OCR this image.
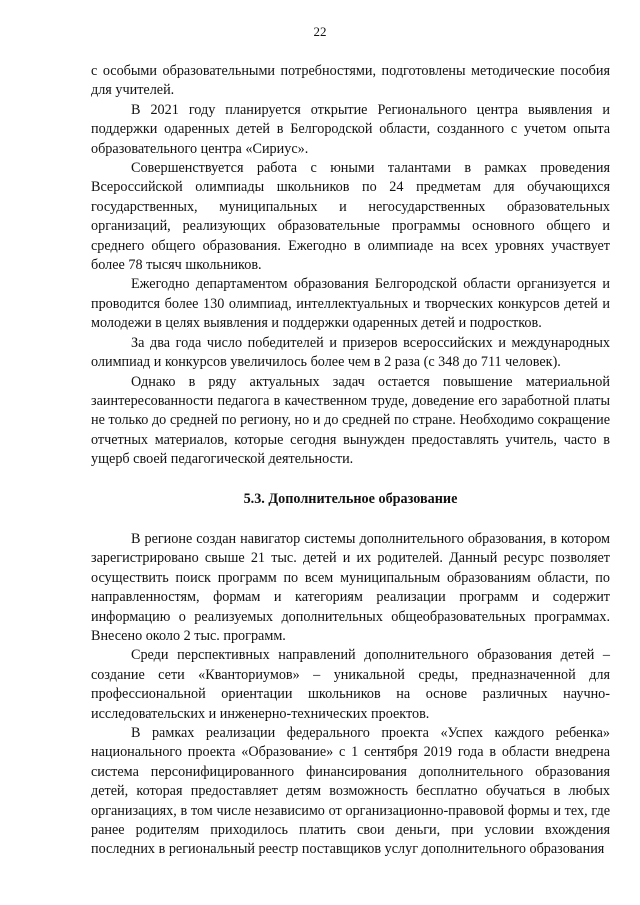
22

с особыми образовательными потребностями, подготовлены методические пособия для учителей.

В 2021 году планируется открытие Регионального центра выявления и поддержки одаренных детей в Белгородской области, созданного с учетом опыта образовательного центра «Сириус».

Совершенствуется работа с юными талантами в рамках проведения Всероссийской олимпиады школьников по 24 предметам для обучающихся государственных, муниципальных и негосударственных образовательных организаций, реализующих образовательные программы основного общего и среднего общего образования. Ежегодно в олимпиаде на всех уровнях участвует более 78 тысяч школьников.

Ежегодно департаментом образования Белгородской области организуется и проводится более 130 олимпиад, интеллектуальных и творческих конкурсов детей и молодежи в целях выявления и поддержки одаренных детей и подростков.

За два года число победителей и призеров всероссийских и международных олимпиад и конкурсов увеличилось более чем в 2 раза (с 348 до 711 человек).

Однако в ряду актуальных задач остается повышение материальной заинтересованности педагога в качественном труде, доведение его заработной платы не только до средней по региону, но и до средней по стране. Необходимо сокращение отчетных материалов, которые сегодня вынужден предоставлять учитель, часто в ущерб своей педагогической деятельности.

5.3. Дополнительное образование

В регионе создан навигатор системы дополнительного образования, в котором зарегистрировано свыше 21 тыс. детей и их родителей. Данный ресурс позволяет осуществить поиск программ по всем муниципальным образованиям области, по направленностям, формам и категориям реализации программ и содержит информацию о реализуемых дополнительных общеобразовательных программах. Внесено около 2 тыс. программ.

Среди перспективных направлений дополнительного образования детей – создание сети «Кванториумов» – уникальной среды, предназначенной для профессиональной ориентации школьников на основе различных научно-исследовательских и инженерно-технических проектов.

В рамках реализации федерального проекта «Успех каждого ребенка» национального проекта «Образование» с 1 сентября 2019 года в области внедрена система персонифицированного финансирования дополнительного образования детей, которая предоставляет детям возможность бесплатно обучаться в любых организациях, в том числе независимо от организационно-правовой формы и тех, где ранее родителям приходилось платить свои деньги, при условии вхождения последних в региональный реестр поставщиков услуг дополнительного образования
